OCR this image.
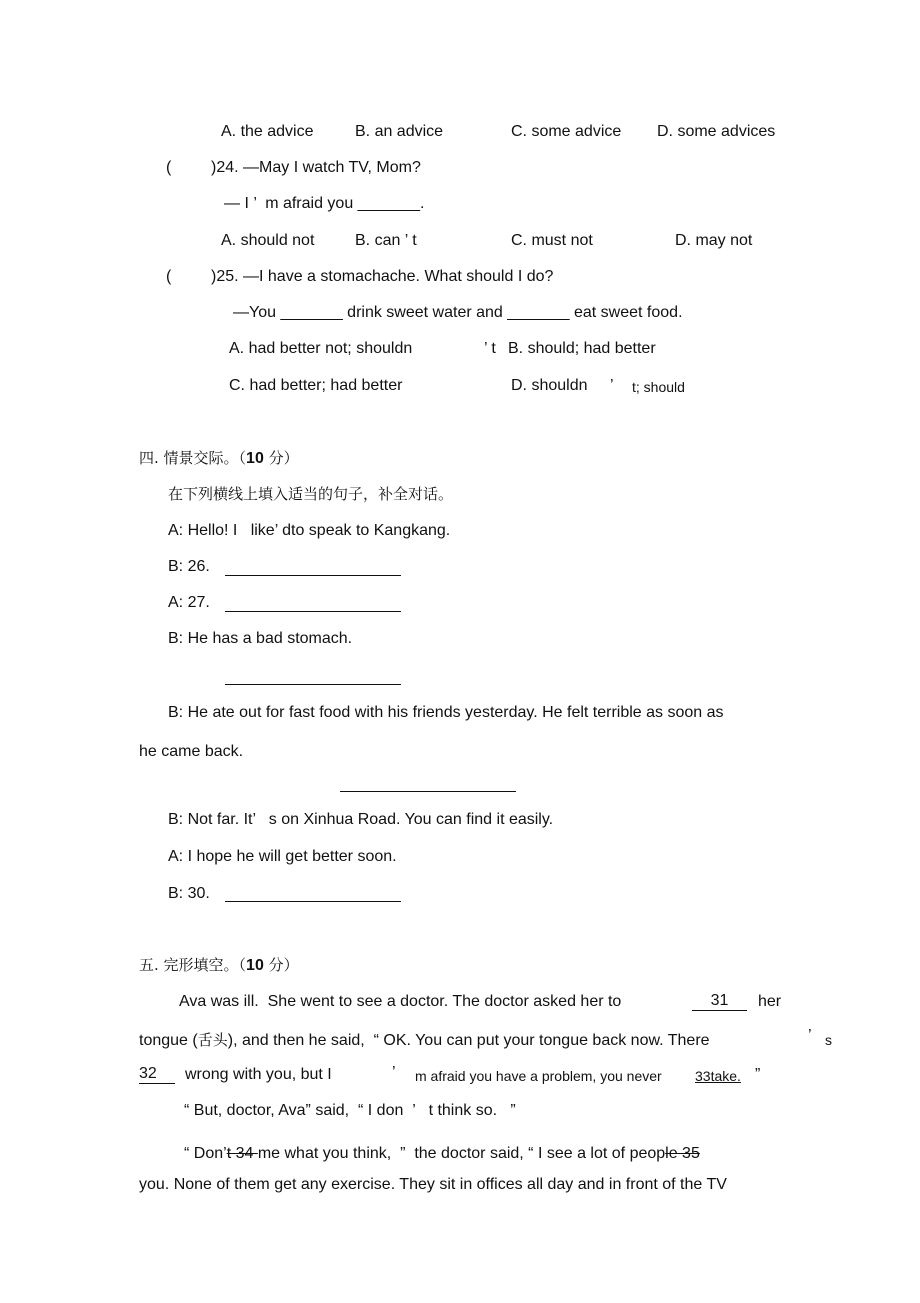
A. the advice	B. an advice	C. some advice D. some advices
( )24. —May I watch TV, Mom?
— I ’  m afraid you _______.
A. should not	B. can ’ t	C. must not	D. may not
( )25. —I have a stomachache. What should I do?
—You _______ drink sweet water and _______ eat sweet food.
A. had better not; shouldn	’ t B. should; had better
C. had better; had better	D. shouldn ’ t; should
四. 情景交际。（10 分）
在下列横线上填入适当的句子，补全对话。
A: Hello! I   like’ dto speak to Kangkang.
B: 26.
A: 27.
B: He has a bad stomach.
B: He ate out for fast food with his friends yesterday. He felt terrible as soon as
he came back.
B: Not far. It’   s on Xinhua Road. You can find it easily.
A: I hope he will get better soon.
B: 30.
五. 完形填空。（10 分）
Ava was ill.  She went to see a doctor. The doctor asked her to	31	her
tongue (舌头), and then he said,  “ OK. You can put your tongue back now. There	’ s
32	wrong with you, but I	’ m afraid you have a problem, you never 33take. ”
“ But, doctor, Ava” said,  “ I don  ’   t think so.   ”
“ Don’t 34 me what you think,  ”  the doctor said, “ I see a lot of people 35
you. None of them get any exercise. They sit in offices all day and in front of the TV
